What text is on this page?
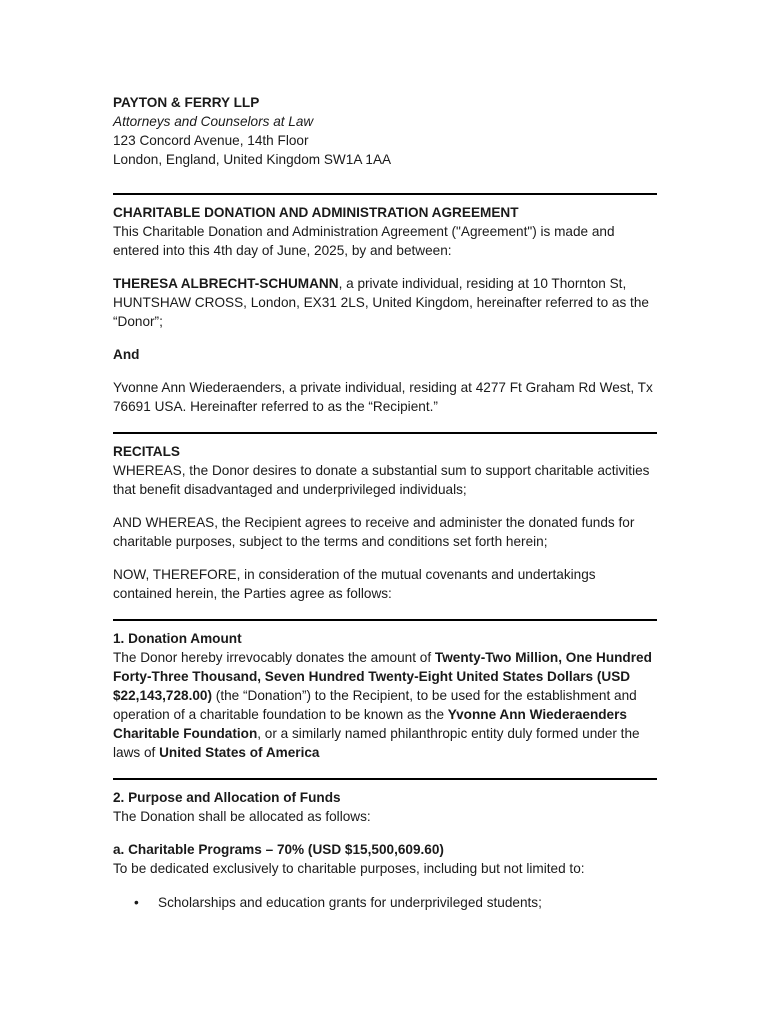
PAYTON & FERRY LLP

Attorneys and Counselors at Law

123 Concord Avenue, 14th Floor

London, England, United Kingdom SW1A 1AA

CHARITABLE DONATION AND ADMINISTRATION AGREEMENT

This Charitable Donation and Administration Agreement ("Agreement") is made and entered into this 4th day of June, 2025, by and between:

THERESA ALBRECHT-SCHUMANN, a private individual, residing at 10 Thornton St, HUNTSHAW CROSS, London, EX31 2LS, United Kingdom, hereinafter referred to as the “Donor”;

And

Yvonne Ann Wiederaenders, a private individual, residing at 4277 Ft Graham Rd West, Tx 76691 USA. Hereinafter referred to as the “Recipient.”

RECITALS

WHEREAS, the Donor desires to donate a substantial sum to support charitable activities that benefit disadvantaged and underprivileged individuals;

AND WHEREAS, the Recipient agrees to receive and administer the donated funds for charitable purposes, subject to the terms and conditions set forth herein;

NOW, THEREFORE, in consideration of the mutual covenants and undertakings contained herein, the Parties agree as follows:

1. Donation Amount

The Donor hereby irrevocably donates the amount of Twenty-Two Million, One Hundred Forty-Three Thousand, Seven Hundred Twenty-Eight United States Dollars (USD $22,143,728.00) (the “Donation”) to the Recipient, to be used for the establishment and operation of a charitable foundation to be known as the Yvonne Ann Wiederaenders Charitable Foundation, or a similarly named philanthropic entity duly formed under the laws of United States of America

2. Purpose and Allocation of Funds

The Donation shall be allocated as follows:

a. Charitable Programs – 70% (USD $15,500,609.60)

To be dedicated exclusively to charitable purposes, including but not limited to:

• Scholarships and education grants for underprivileged students;
